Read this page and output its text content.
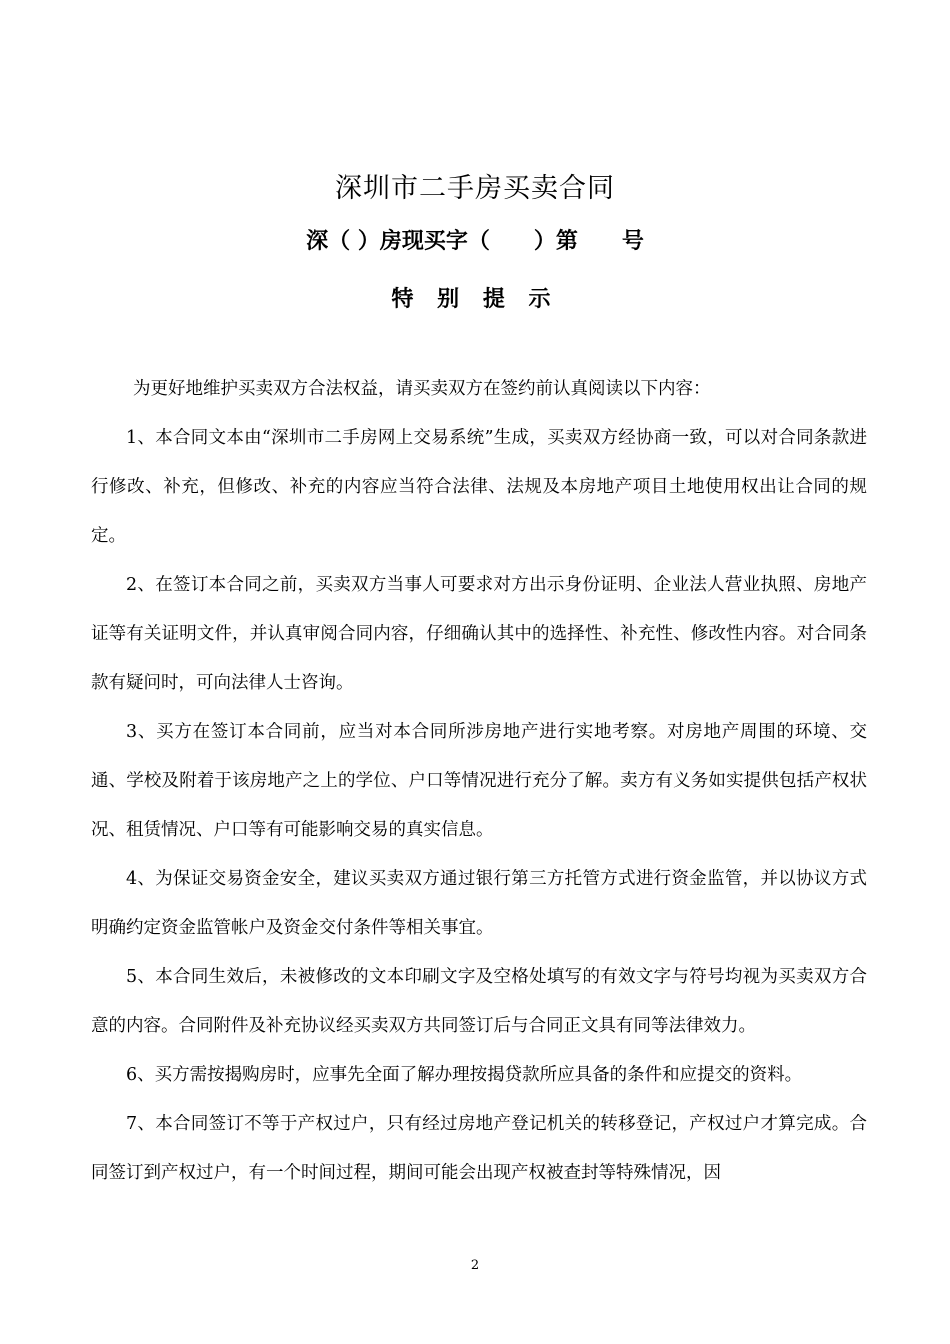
深圳市二手房买卖合同
深（ ）房现买字（　　）第　　号
特 别 提 示

为更好地维护买卖双方合法权益，请买卖双方在签约前认真阅读以下内容：

1、本合同文本由“深圳市二手房网上交易系统”生成，买卖双方经协商一致，可以对合同条款进行修改、补充，但修改、补充的内容应当符合法律、法规及本房地产项目土地使用权出让合同的规定。

2、在签订本合同之前，买卖双方当事人可要求对方出示身份证明、企业法人营业执照、房地产证等有关证明文件，并认真审阅合同内容，仔细确认其中的选择性、补充性、修改性内容。对合同条款有疑问时，可向法律人士咨询。

3、买方在签订本合同前，应当对本合同所涉房地产进行实地考察。对房地产周围的环境、交通、学校及附着于该房地产之上的学位、户口等情况进行充分了解。卖方有义务如实提供包括产权状况、租赁情况、户口等有可能影响交易的真实信息。

4、为保证交易资金安全，建议买卖双方通过银行第三方托管方式进行资金监管，并以协议方式明确约定资金监管帐户及资金交付条件等相关事宜。

5、本合同生效后，未被修改的文本印刷文字及空格处填写的有效文字与符号均视为买卖双方合意的内容。合同附件及补充协议经买卖双方共同签订后与合同正文具有同等法律效力。

6、买方需按揭购房时，应事先全面了解办理按揭贷款所应具备的条件和应提交的资料。

7、本合同签订不等于产权过户，只有经过房地产登记机关的转移登记，产权过户才算完成。合同签订到产权过户，有一个时间过程，期间可能会出现产权被查封等特殊情况，因

2
